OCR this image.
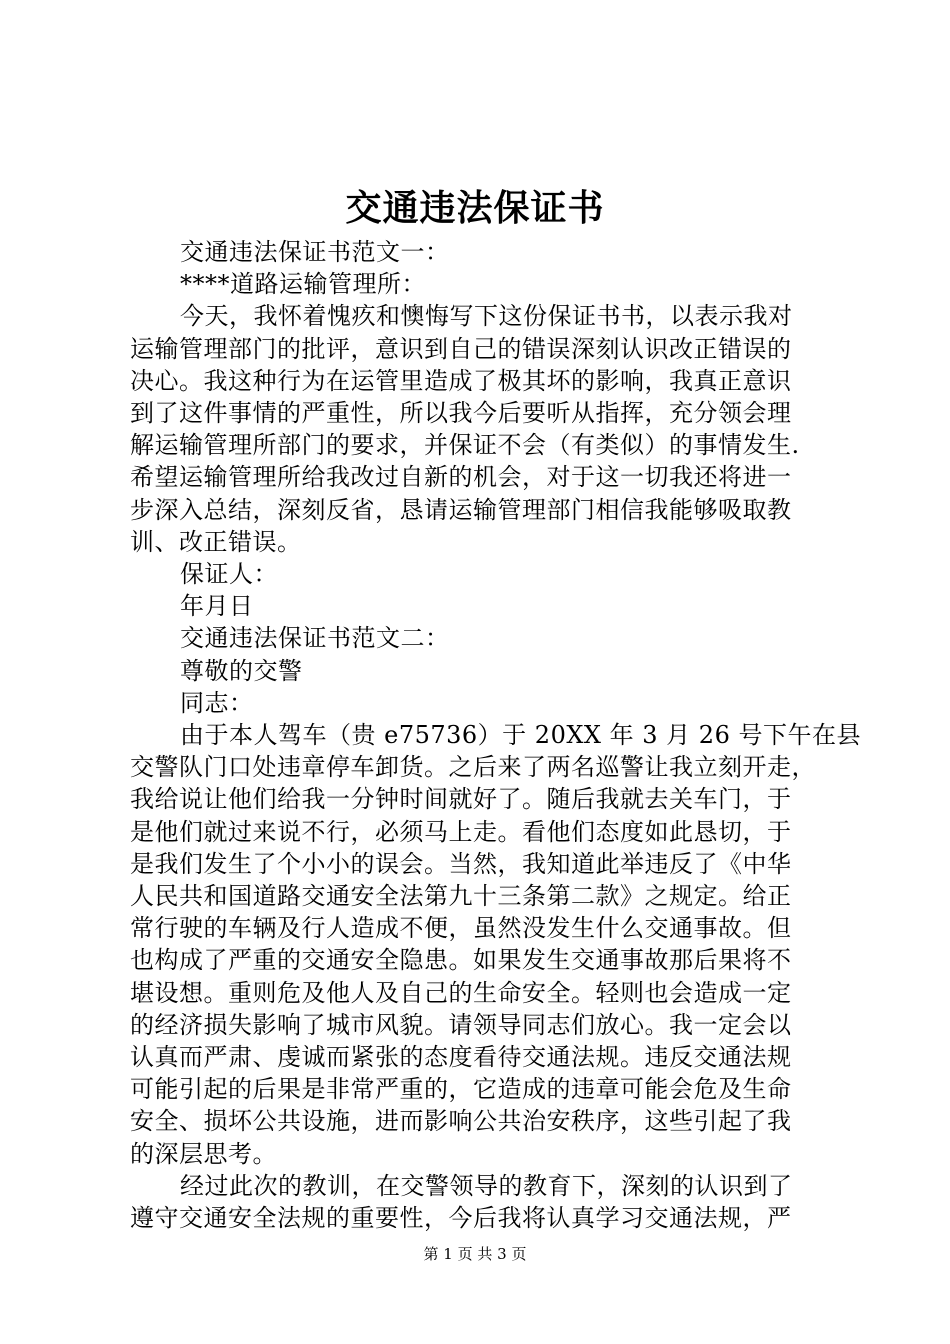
交通违法保证书

交通违法保证书范文一：

****道路运输管理所：

今天，我怀着愧疚和懊悔写下这份保证书书，以表示我对
运输管理部门的批评，意识到自己的错误深刻认识改正错误的
决心。我这种行为在运管里造成了极其坏的影响，我真正意识
到了这件事情的严重性，所以我今后要听从指挥，充分领会理
解运输管理所部门的要求，并保证不会（有类似）的事情发生.
希望运输管理所给我改过自新的机会，对于这一切我还将进一
步深入总结，深刻反省，恳请运输管理部门相信我能够吸取教
训、改正错误。

保证人：

年月日

交通违法保证书范文二：

尊敬的交警

同志：

由于本人驾车（贵 e75736）于 20XX 年 3 月 26 号下午在县
交警队门口处违章停车卸货。之后来了两名巡警让我立刻开走，
我给说让他们给我一分钟时间就好了。随后我就去关车门，于
是他们就过来说不行，必须马上走。看他们态度如此恳切，于
是我们发生了个小小的误会。当然，我知道此举违反了《中华
人民共和国道路交通安全法第九十三条第二款》之规定。给正
常行驶的车辆及行人造成不便，虽然没发生什么交通事故。但
也构成了严重的交通安全隐患。如果发生交通事故那后果将不
堪设想。重则危及他人及自己的生命安全。轻则也会造成一定
的经济损失影响了城市风貌。请领导同志们放心。我一定会以
认真而严肃、虔诚而紧张的态度看待交通法规。违反交通法规
可能引起的后果是非常严重的，它造成的违章可能会危及生命
安全、损坏公共设施，进而影响公共治安秩序，这些引起了我
的深层思考。

经过此次的教训，在交警领导的教育下，深刻的认识到了
遵守交通安全法规的重要性，今后我将认真学习交通法规，严

第 1 页 共 3 页
